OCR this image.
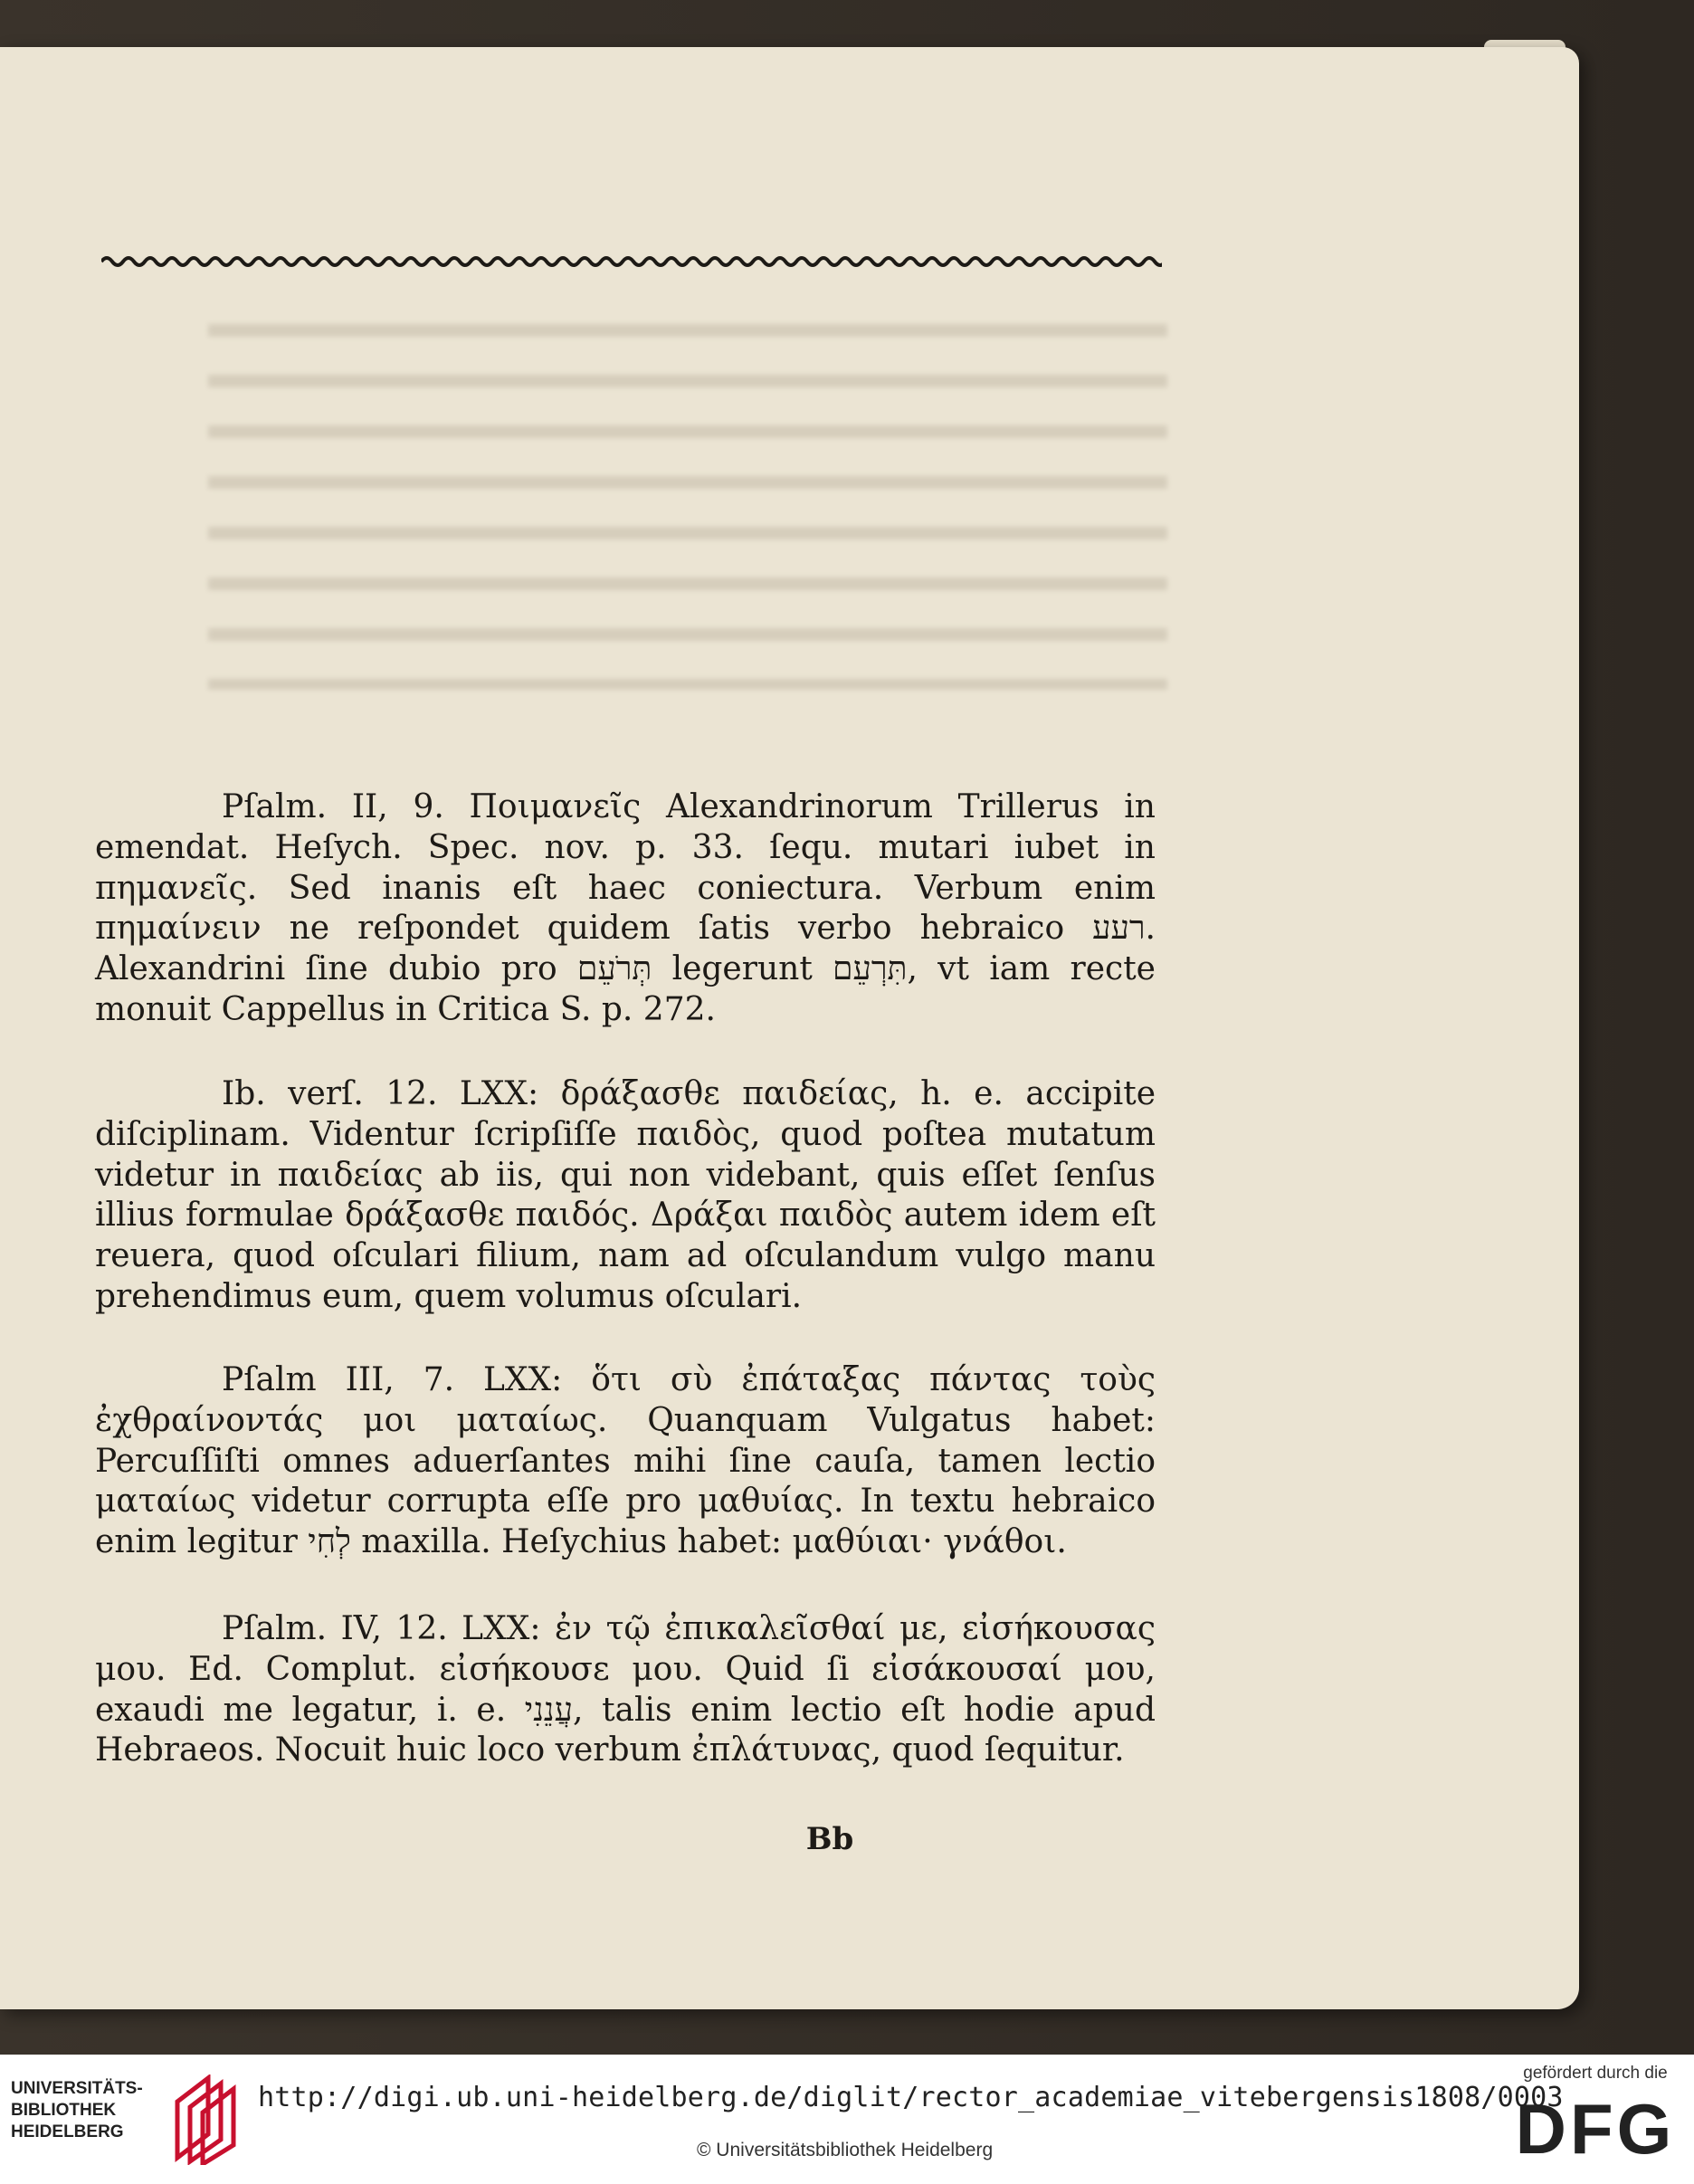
Pſalm. II, 9. Ποιμανεῖς Alexandrinorum Trillerus in emendat. Heſych. Spec. nov. p. 33. ſequ. mutari iubet in πημανεῖς. Sed inanis eſt haec coniectura. Verbum enim πημαίνειν ne reſpondet quidem ſatis verbo hebraico רעע. Alexandrini ſine dubio pro תְּרֹעֵם legerunt תִּרְעֵם, vt iam recte monuit Cappellus in Critica S. p. 272.
Ib. verſ. 12. LXX: δράξασθε παιδείας, h. e. accipite diſciplinam. Videntur ſcripſiſſe παιδὸς, quod poſtea mutatum videtur in παιδείας ab iis, qui non videbant, quis eſſet ſenſus illius formulae δράξασθε παιδός. Δράξαι παιδὸς autem idem eſt reuera, quod oſculari filium, nam ad oſculandum vulgo manu prehendimus eum, quem volumus oſculari.
Pſalm III, 7. LXX: ὅτι σὺ ἐπάταξας πάντας τοὺς ἐχθραίνοντάς μοι ματαίως. Quanquam Vulgatus habet: Percuſſiſti omnes aduerſantes mihi ſine cauſa, tamen lectio ματαίως videtur corrupta eſſe pro μαθυίας. In textu hebraico enim legitur לְחִי maxilla. Heſychius habet: μαθύιαι· γνάθοι.
Pſalm. IV, 12. LXX: ἐν τῷ ἐπικαλεῖσθαί με, εἰσήκουσας μου. Ed. Complut. εἰσήκουσε μου. Quid ſi εἰσάκουσαί μου, exaudi me legatur, i. e. עֲנֵנִי, talis enim lectio eſt hodie apud Hebraeos. Nocuit huic loco verbum ἐπλάτυνας, quod ſequitur.
Bb
UNIVERSITÄTS-
BIBLIOTHEK
HEIDELBERG
http://digi.ub.uni-heidelberg.de/diglit/rector_academiae_vitebergensis1808/0003
© Universitätsbibliothek Heidelberg
gefördert durch die
DFG
